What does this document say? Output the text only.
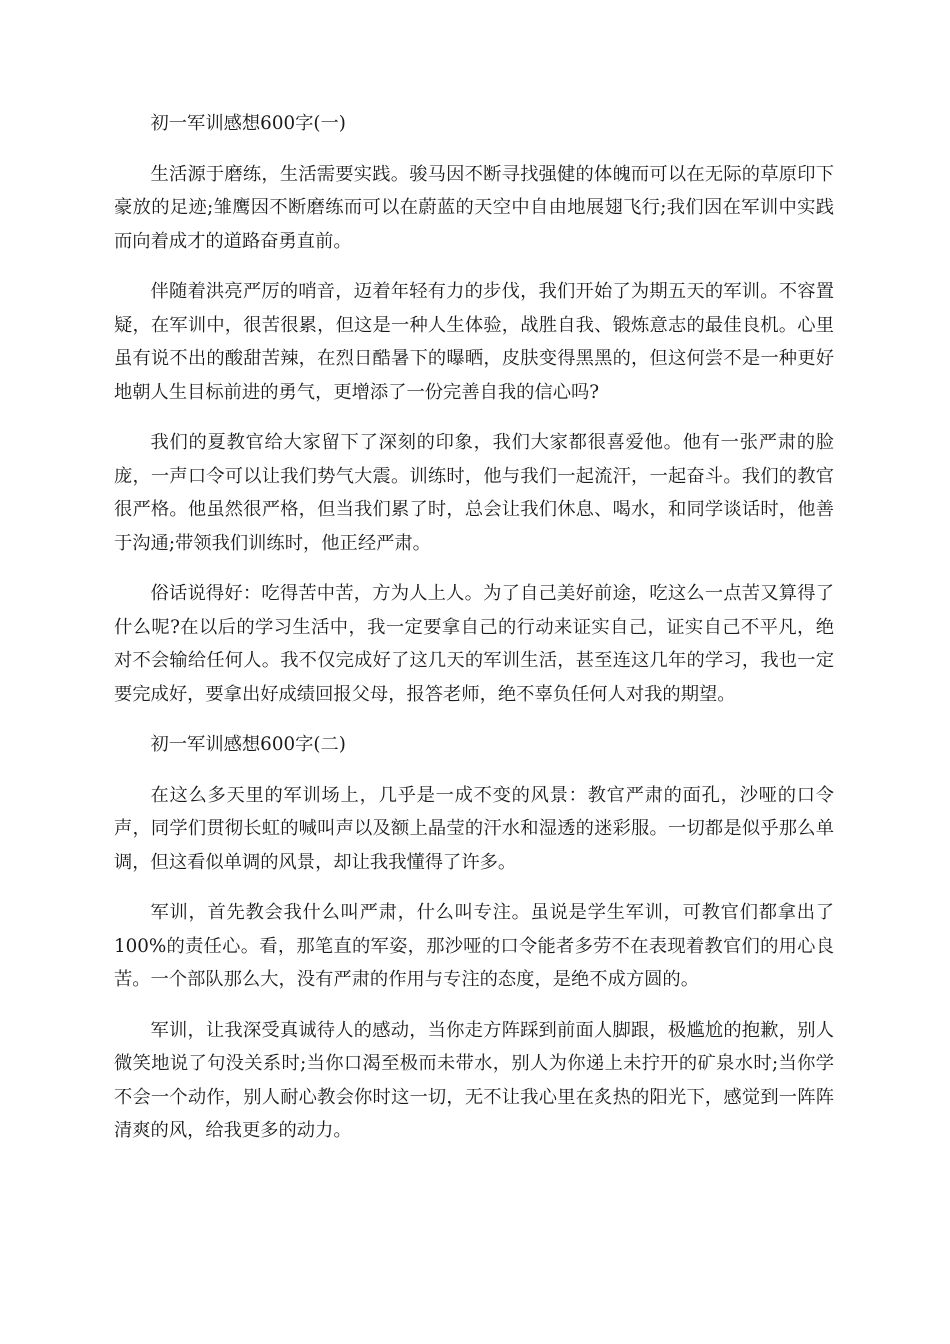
初一军训感想600字(一)

生活源于磨练，生活需要实践。骏马因不断寻找强健的体魄而可以在无际的草原印下豪放的足迹;雏鹰因不断磨练而可以在蔚蓝的天空中自由地展翅飞行;我们因在军训中实践而向着成才的道路奋勇直前。

伴随着洪亮严厉的哨音，迈着年轻有力的步伐，我们开始了为期五天的军训。不容置疑，在军训中，很苦很累，但这是一种人生体验，战胜自我、锻炼意志的最佳良机。心里虽有说不出的酸甜苦辣，在烈日酷暑下的曝晒，皮肤变得黑黑的，但这何尝不是一种更好地朝人生目标前进的勇气，更增添了一份完善自我的信心吗?

我们的夏教官给大家留下了深刻的印象，我们大家都很喜爱他。他有一张严肃的脸庞，一声口令可以让我们势气大震。训练时，他与我们一起流汗，一起奋斗。我们的教官很严格。他虽然很严格，但当我们累了时，总会让我们休息、喝水，和同学谈话时，他善于沟通;带领我们训练时，他正经严肃。

俗话说得好：吃得苦中苦，方为人上人。为了自己美好前途，吃这么一点苦又算得了什么呢?在以后的学习生活中，我一定要拿自己的行动来证实自己，证实自己不平凡，绝对不会输给任何人。我不仅完成好了这几天的军训生活，甚至连这几年的学习，我也一定要完成好，要拿出好成绩回报父母，报答老师，绝不辜负任何人对我的期望。

初一军训感想600字(二)

在这么多天里的军训场上，几乎是一成不变的风景：教官严肃的面孔，沙哑的口令声，同学们贯彻长虹的喊叫声以及额上晶莹的汗水和湿透的迷彩服。一切都是似乎那么单调，但这看似单调的风景，却让我我懂得了许多。

军训，首先教会我什么叫严肃，什么叫专注。虽说是学生军训，可教官们都拿出了100%的责任心。看，那笔直的军姿，那沙哑的口令能者多劳不在表现着教官们的用心良苦。一个部队那么大，没有严肃的作用与专注的态度，是绝不成方圆的。

军训，让我深受真诚待人的感动，当你走方阵踩到前面人脚跟，极尴尬的抱歉，别人微笑地说了句没关系时;当你口渴至极而未带水，别人为你递上未拧开的矿泉水时;当你学不会一个动作，别人耐心教会你时这一切，无不让我心里在炙热的阳光下，感觉到一阵阵清爽的风，给我更多的动力。
